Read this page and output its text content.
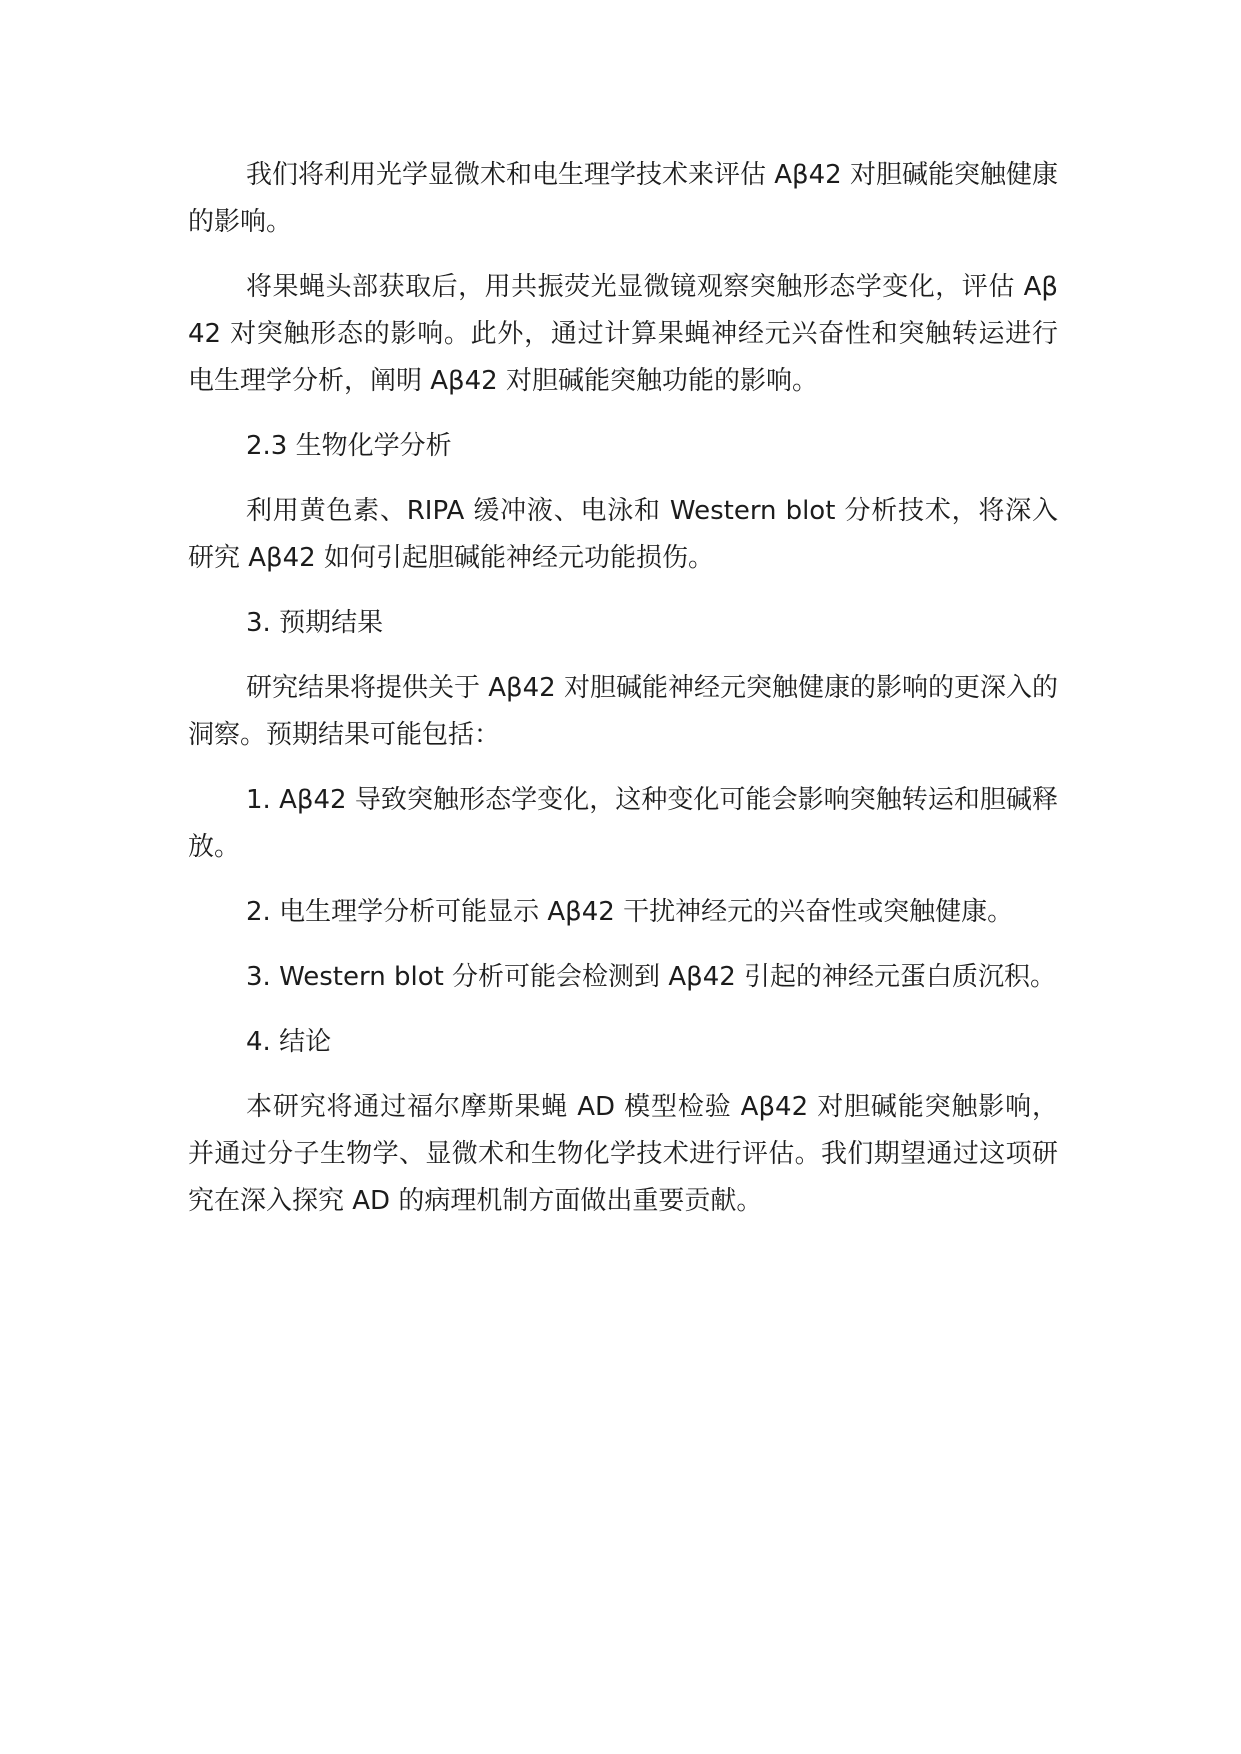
我们将利用光学显微术和电生理学技术来评估 Aβ42 对胆碱能突触健康的影响。

将果蝇头部获取后，用共振荧光显微镜观察突触形态学变化，评估 Aβ42 对突触形态的影响。此外，通过计算果蝇神经元兴奋性和突触转运进行电生理学分析，阐明 Aβ42 对胆碱能突触功能的影响。

2.3 生物化学分析

利用黄色素、RIPA 缓冲液、电泳和 Western blot 分析技术，将深入研究 Aβ42 如何引起胆碱能神经元功能损伤。

3. 预期结果

研究结果将提供关于 Aβ42 对胆碱能神经元突触健康的影响的更深入的洞察。预期结果可能包括：

1. Aβ42 导致突触形态学变化，这种变化可能会影响突触转运和胆碱释放。

2. 电生理学分析可能显示 Aβ42 干扰神经元的兴奋性或突触健康。

3. Western blot 分析可能会检测到 Aβ42 引起的神经元蛋白质沉积。

4. 结论

本研究将通过福尔摩斯果蝇 AD 模型检验 Aβ42 对胆碱能突触影响，并通过分子生物学、显微术和生物化学技术进行评估。我们期望通过这项研究在深入探究 AD 的病理机制方面做出重要贡献。
